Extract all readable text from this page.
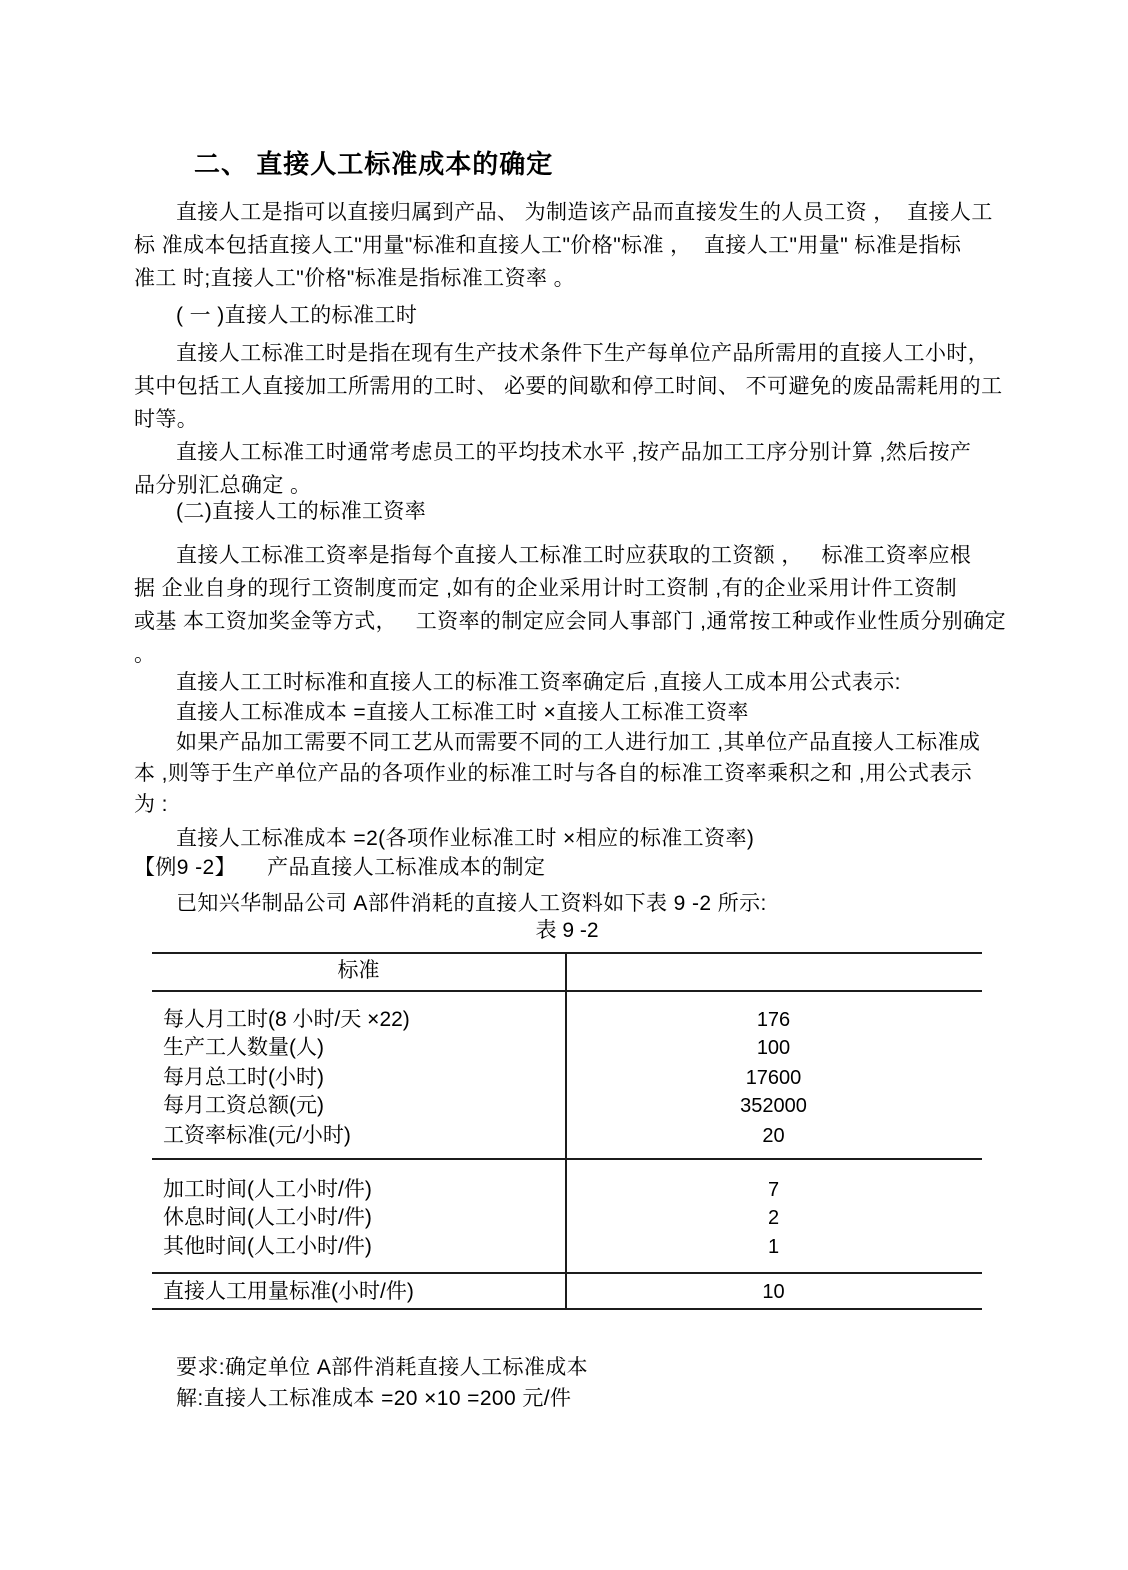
二、 直接人工标准成本的确定
直接人工是指可以直接归属到产品、 为制造该产品而直接发生的人员工资 ，  直接人工
标 准成本包括直接人工"用量"标准和直接人工"价格"标准 ，  直接人工"用量" 标准是指标
准工 时;直接人工"价格"标准是指标准工资率 。
( 一 )直接人工的标准工时
直接人工标准工时是指在现有生产技术条件下生产每单位产品所需用的直接人工小时，
其中包括工人直接加工所需用的工时、 必要的间歇和停工时间、 不可避免的废品需耗用的工
时等。
直接人工标准工时通常考虑员工的平均技术水平 ,按产品加工工序分别计算 ,然后按产
品分别汇总确定 。
(二)直接人工的标准工资率
直接人工标准工资率是指每个直接人工标准工时应获取的工资额 ，   标准工资率应根
据 企业自身的现行工资制度而定 ,如有的企业采用计时工资制 ,有的企业采用计件工资制
或基 本工资加奖金等方式，   工资率的制定应会同人事部门 ,通常按工种或作业性质分别确定
。
直接人工工时标准和直接人工的标准工资率确定后 ,直接人工成本用公式表示:
直接人工标准成本 =直接人工标准工时 ×直接人工标准工资率
如果产品加工需要不同工艺从而需要不同的工人进行加工 ,其单位产品直接人工标准成
本 ,则等于生产单位产品的各项作业的标准工时与各自的标准工资率乘积之和 ,用公式表示
为 :
直接人工标准成本 =2(各项作业标准工时 ×相应的标准工资率)
【例9 -2】     产品直接人工标准成本的制定
已知兴华制品公司 A部件消耗的直接人工资料如下表 9 -2 所示:
表 9 -2
标准
每人月工时(8 小时/天 ×22)	176
生产工人数量(人)	100
每月总工时(小时)	17600
每月工资总额(元)	352000
工资率标准(元/小时)	20
加工时间(人工小时/件)	7
休息时间(人工小时/件)	2
其他时间(人工小时/件)	1
直接人工用量标准(小时/件)	10
要求:确定单位 A部件消耗直接人工标准成本
解:直接人工标准成本 =20 ×10 =200 元/件
